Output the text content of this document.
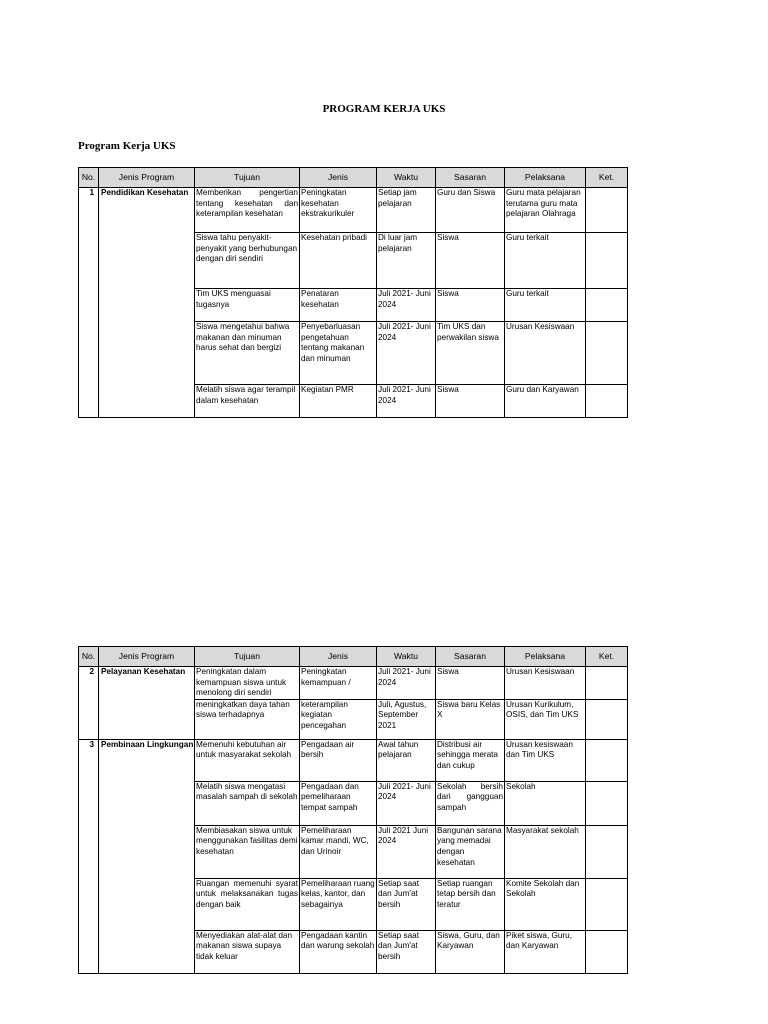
PROGRAM KERJA UKS
Program Kerja UKS
No.	Jenis Program	Tujuan	Jenis	Waktu	Sasaran	Pelaksana	Ket.
1	Pendidikan Kesehatan	Memberikan pengertian tentang kesehatan dan keterampilan kesehatan	Peningkatan kesehatan ekstrakurikuler	Setiap jam pelajaran	Guru dan Siswa	Guru mata pelajaran terutama guru mata pelajaran Olahraga	
		Siswa tahu penyakit-penyakit yang berhubungan dengan diri sendiri	Kesehatan pribadi	Di luar jam pelajaran	Siswa	Guru terkait	
		Tim UKS menguasai tugasnya	Penataran kesehatan	Juli 2021- Juni 2024	Siswa	Guru terkait	
		Siswa mengetahui bahwa makanan dan minuman harus sehat dan bergizi	Penyebarluasan pengetahuan tentang makanan dan minuman	Juli 2021- Juni 2024	Tim UKS dan perwakilan siswa	Urusan Kesiswaan	
		Melatih siswa agar terampil dalam kesehatan	Kegiatan PMR	Juli 2021- Juni 2024	Siswa	Guru dan Karyawan	
No.	Jenis Program	Tujuan	Jenis	Waktu	Sasaran	Pelaksana	Ket.
2	Pelayanan Kesehatan	Peningkatan dalam kemampuan siswa untuk menolong diri sendiri	Peningkatan kemampuan /	Juli 2021- Juni 2024	Siswa	Urusan Kesiswaan	
		meningkatkan daya tahan siswa terhadapnya	keterampilan kegiatan pencegahan	Juli, Agustus, September 2021	Siswa baru Kelas X	Urusan Kurikulum, OSIS, dan Tim UKS	
3	Pembinaan Lingkungan	Memenuhi kebutuhan air untuk masyarakat sekolah	Pengadaan air bersih	Awal tahun pelajaran	Distribusi air sehingga merata dan cukup	Urusan kesiswaan dan Tim UKS	
		Melatih siswa mengatasi masalah sampah di sekolah	Pengadaan dan pemeliharaan tempat sampah	Juli 2021- Juni 2024	Sekolah bersih dari gangguan sampah	Sekolah	
		Membiasakan siswa untuk menggunakan fasilitas demi kesehatan	Pemeliharaan kamar mandi, WC, dan Urinoir	Juli 2021 Juni 2024	Bangunan sarana yang memadai dengan kesehatan	Masyarakat sekolah	
		Ruangan memenuhi syarat untuk melaksanakan tugas dengan baik	Pemeliharaan ruang kelas, kantor, dan sebagainya	Setiap saat dan Jum'at bersih	Setiap ruangan tetap bersih dan teratur	Komite Sekolah dan Sekolah	
		Menyediakan alat-alat dan makanan siswa supaya tidak keluar	Pengadaan kantin dan warung sekolah	Setiap saat dan Jum'at bersih	Siswa, Guru, dan Karyawan	Piket siswa, Guru, dan Karyawan	
